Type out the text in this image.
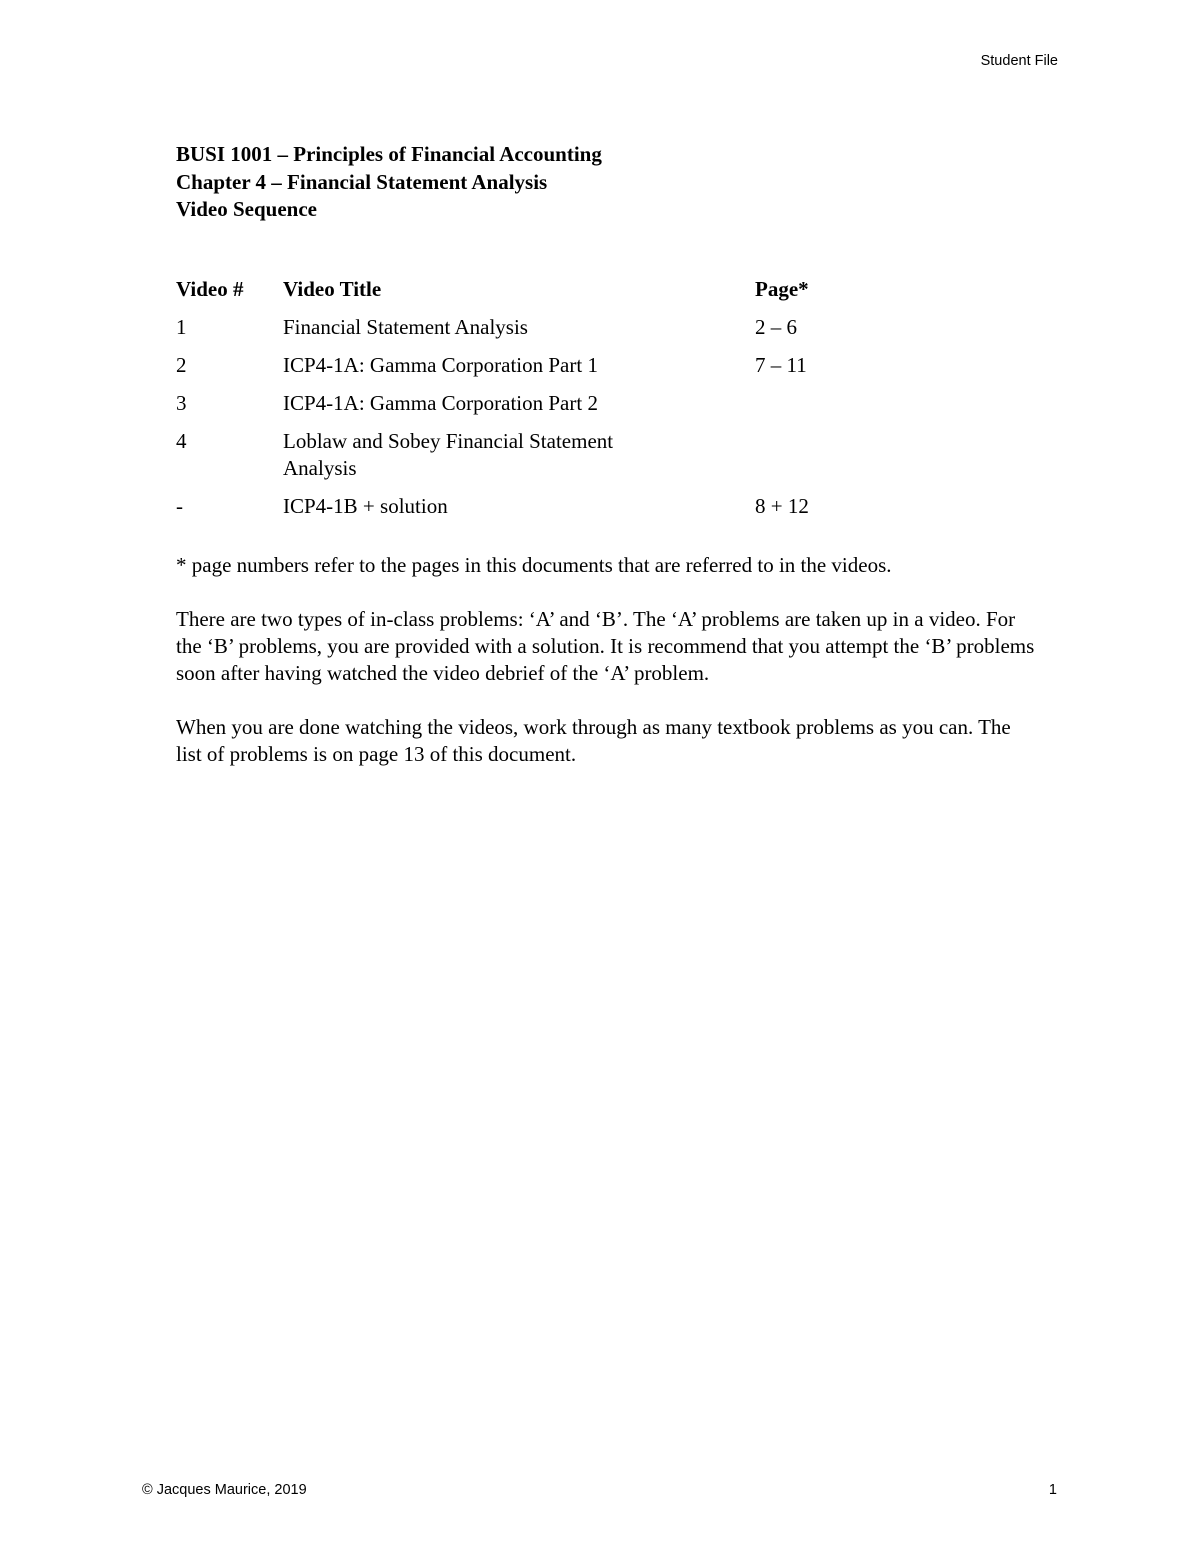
Student File
BUSI 1001 – Principles of Financial Accounting
Chapter 4 – Financial Statement Analysis
Video Sequence
Video #	Video Title	Page*
1	Financial Statement Analysis	2 – 6
2	ICP4-1A: Gamma Corporation Part 1	7 – 11
3	ICP4-1A: Gamma Corporation Part 2	
4	Loblaw and Sobey Financial Statement Analysis	
-	ICP4-1B + solution	8 + 12

* page numbers refer to the pages in this documents that are referred to in the videos.

There are two types of in-class problems: ‘A’ and ‘B’. The ‘A’ problems are taken up in a video. For the ‘B’ problems, you are provided with a solution. It is recommend that you attempt the ‘B’ problems soon after having watched the video debrief of the ‘A’ problem.

When you are done watching the videos, work through as many textbook problems as you can. The list of problems is on page 13 of this document.

© Jacques Maurice, 2019	1
